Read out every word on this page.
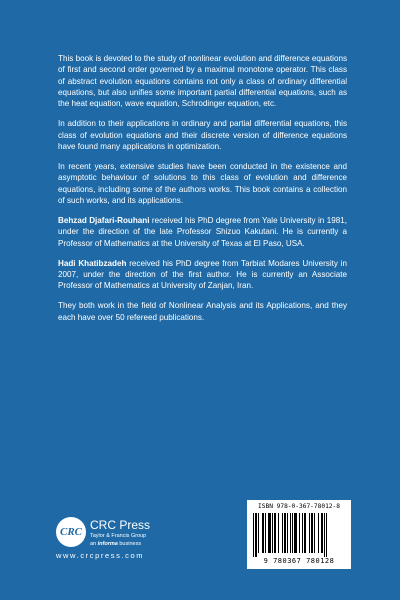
This book is devoted to the study of nonlinear evolution and difference equations of first and second order governed by a maximal monotone operator. This class of abstract evolution equations contains not only a class of ordinary differential equations, but also unifies some important partial differential equations, such as the heat equation, wave equation, Schrodinger equation, etc.

In addition to their applications in ordinary and partial differential equations, this class of evolution equations and their discrete version of difference equations have found many applications in optimization.

In recent years, extensive studies have been conducted in the existence and asymptotic behaviour of solutions to this class of evolution and difference equations, including some of the authors works. This book contains a collection of such works, and its applications.

Behzad Djafari-Rouhani received his PhD degree from Yale University in 1981, under the direction of the late Professor Shizuo Kakutani. He is currently a Professor of Mathematics at the University of Texas at El Paso, USA.

Hadi Khatibzadeh received his PhD degree from Tarbiat Modares University in 2007, under the direction of the first author. He is currently an Associate Professor of Mathematics at University of Zanjan, Iran.

They both work in the field of Nonlinear Analysis and its Applications, and they each have over 50 refereed publications.

CRC CRC Press
Taylor & Francis Group
an informa business
www.crcpress.com
ISBN 978-0-367-78012-8
9 780367 780128
